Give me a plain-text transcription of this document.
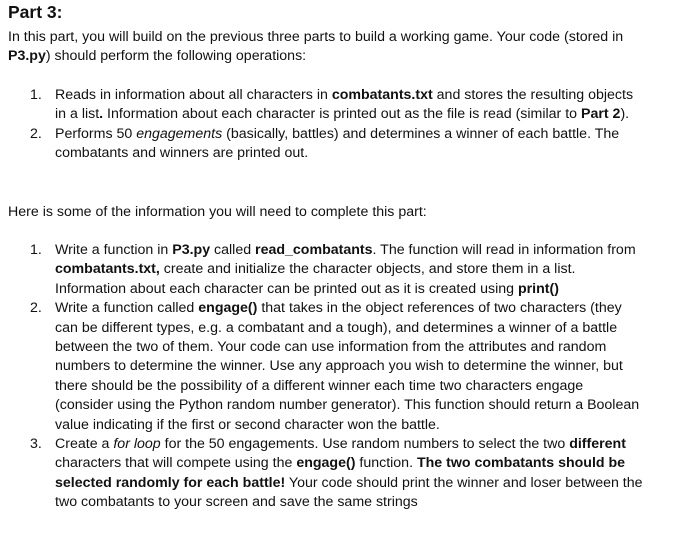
Part 3:

In this part, you will build on the previous three parts to build a working game. Your code (stored in P3.py) should perform the following operations:

1. Reads in information about all characters in combatants.txt and stores the resulting objects in a list. Information about each character is printed out as the file is read (similar to Part 2).
2. Performs 50 engagements (basically, battles) and determines a winner of each battle. The combatants and winners are printed out.

Here is some of the information you will need to complete this part:

1. Write a function in P3.py called read_combatants. The function will read in information from combatants.txt, create and initialize the character objects, and store them in a list. Information about each character can be printed out as it is created using print()
2. Write a function called engage() that takes in the object references of two characters (they can be different types, e.g. a combatant and a tough), and determines a winner of a battle between the two of them. Your code can use information from the attributes and random numbers to determine the winner. Use any approach you wish to determine the winner, but there should be the possibility of a different winner each time two characters engage (consider using the Python random number generator). This function should return a Boolean value indicating if the first or second character won the battle.
3. Create a for loop for the 50 engagements. Use random numbers to select the two different characters that will compete using the engage() function. The two combatants should be selected randomly for each battle! Your code should print the winner and loser between the two combatants to your screen and save the same strings
